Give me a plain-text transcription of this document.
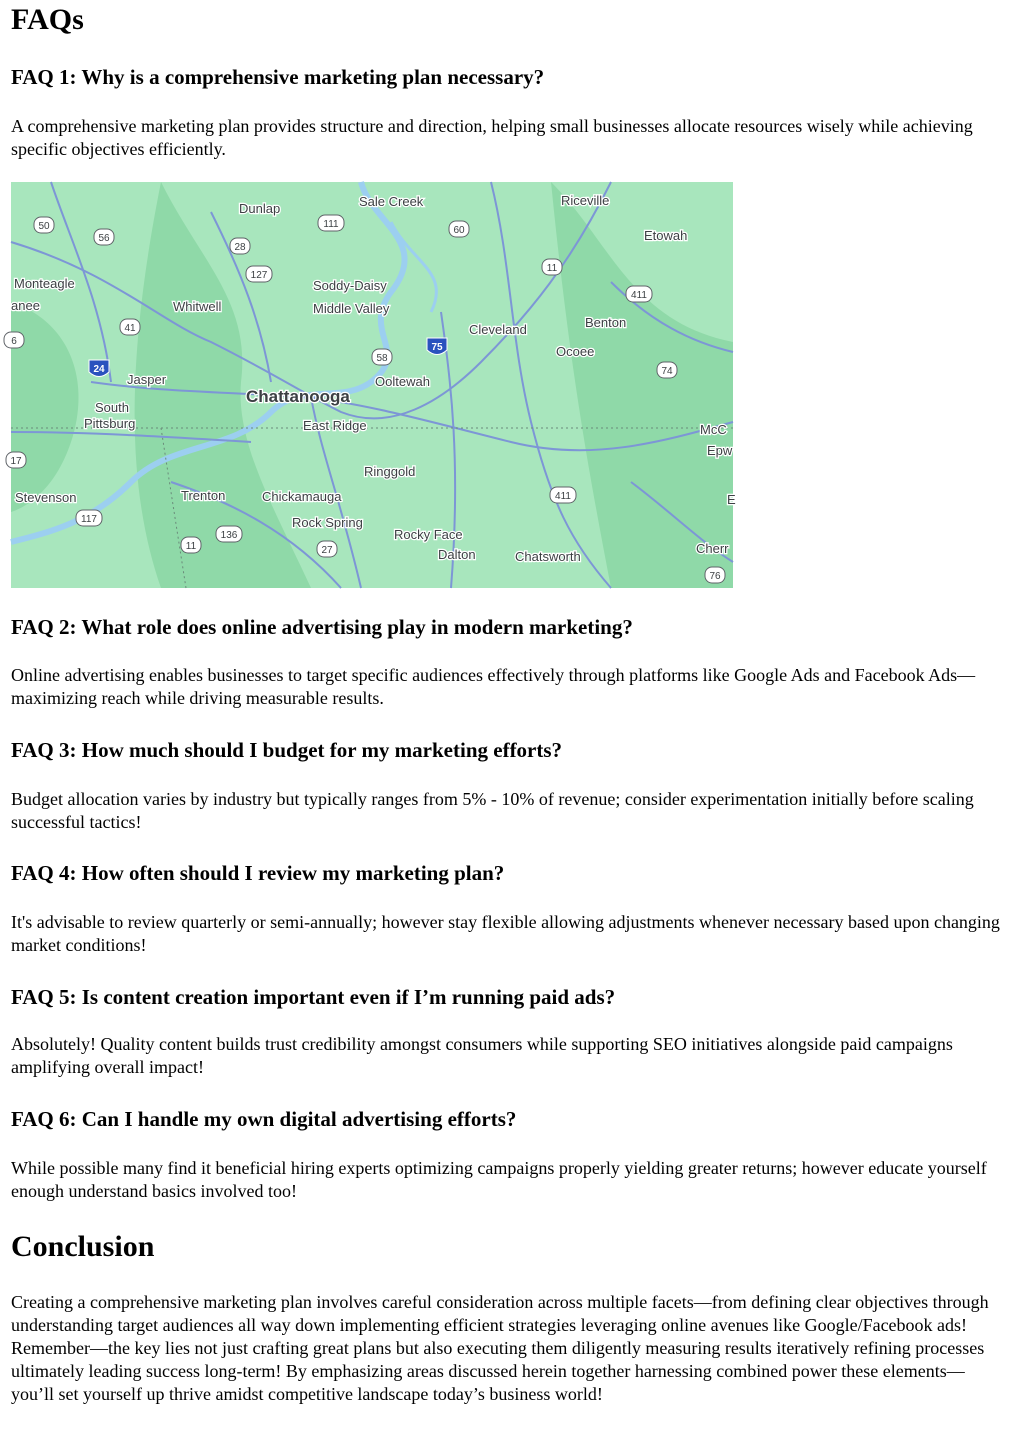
FAQs
FAQ 1: Why is a comprehensive marketing plan necessary?

A comprehensive marketing plan provides structure and direction, helping small businesses allocate resources wisely while achieving specific objectives efficiently.

50
56
111
60
28
127
11
411
41
58
74
17
411
117
136
11	27
76
6
75
24
Dunlap	Sale Creek	Riceville
Etowah
Monteagle
anee	Whitwell
Soddy-Daisy
Middle Valley
Cleveland	Benton
Ocoee
Jasper
Chattanooga
Ooltewah
South
Pittsburg	East Ridge	McC
Epw
Ringgold
Stevenson	Trenton	Chickamauga
Rock Spring
Rocky Face
Dalton	Chatsworth
Cherr
E
FAQ 2: What role does online advertising play in modern marketing?

Online advertising enables businesses to target specific audiences effectively through platforms like Google Ads and Facebook Ads—maximizing reach while driving measurable results.

FAQ 3: How much should I budget for my marketing efforts?

Budget allocation varies by industry but typically ranges from 5% - 10% of revenue; consider experimentation initially before scaling successful tactics!

FAQ 4: How often should I review my marketing plan?

It's advisable to review quarterly or semi-annually; however stay flexible allowing adjustments whenever necessary based upon changing market conditions!

FAQ 5: Is content creation important even if I’m running paid ads?

Absolutely! Quality content builds trust credibility amongst consumers while supporting SEO initiatives alongside paid campaigns amplifying overall impact!

FAQ 6: Can I handle my own digital advertising efforts?

While possible many find it beneficial hiring experts optimizing campaigns properly yielding greater returns; however educate yourself enough understand basics involved too!

Conclusion

Creating a comprehensive marketing plan involves careful consideration across multiple facets—from defining clear objectives through understanding target audiences all way down implementing efficient strategies leveraging online avenues like Google/Facebook ads! Remember—the key lies not just crafting great plans but also executing them diligently measuring results iteratively refining processes ultimately leading success long-term! By emphasizing areas discussed herein together harnessing combined power these elements—you’ll set yourself up thrive amidst competitive landscape today’s business world!
